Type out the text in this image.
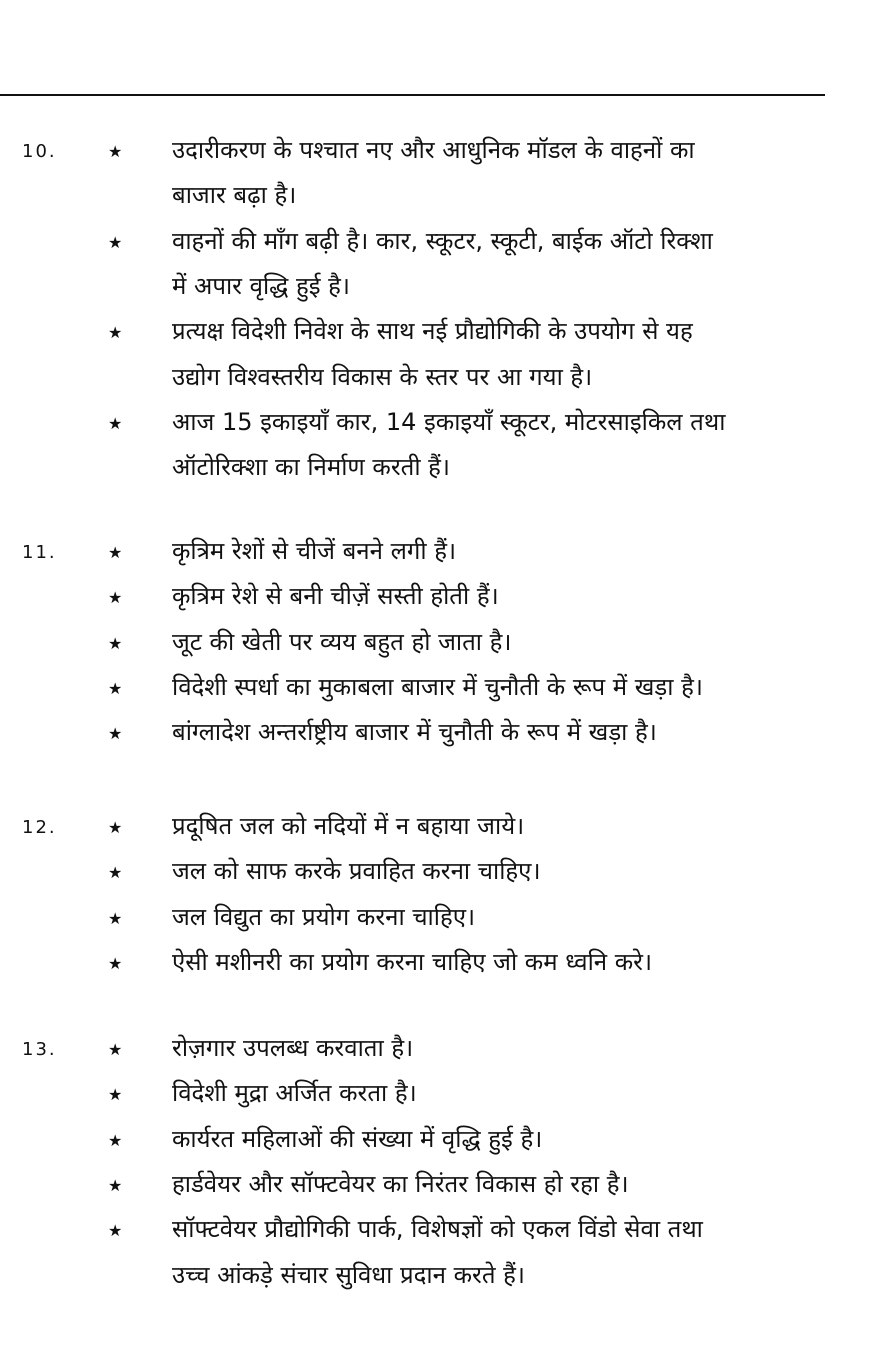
10.	★ उदारीकरण के पश्चात नए और आधुनिक मॉडल के वाहनों का
बाजार बढ़ा है।
★ वाहनों की माँग बढ़ी है। कार, स्कूटर, स्कूटी, बाईक ऑटो रिक्शा
में अपार वृद्धि हुई है।
★ प्रत्यक्ष विदेशी निवेश के साथ नई प्रौद्योगिकी के उपयोग से यह
उद्योग विश्वस्तरीय विकास के स्तर पर आ गया है।
★ आज 15 इकाइयाँ कार, 14 इकाइयाँ स्कूटर, मोटरसाइकिल तथा
ऑटोरिक्शा का निर्माण करती हैं।
11.	★ कृत्रिम रेशों से चीजें बनने लगी हैं।
★ कृत्रिम रेशे से बनी चीज़ें सस्ती होती हैं।
★ जूट की खेती पर व्यय बहुत हो जाता है।
★ विदेशी स्पर्धा का मुकाबला बाजार में चुनौती के रूप में खड़ा है।
★ बांग्लादेश अन्तर्राष्ट्रीय बाजार में चुनौती के रूप में खड़ा है।
12.	★ प्रदूषित जल को नदियों में न बहाया जाये।
★ जल को साफ करके प्रवाहित करना चाहिए।
★ जल विद्युत का प्रयोग करना चाहिए।
★ ऐसी मशीनरी का प्रयोग करना चाहिए जो कम ध्वनि करे।
13.	★ रोज़गार उपलब्ध करवाता है।
★ विदेशी मुद्रा अर्जित करता है।
★ कार्यरत महिलाओं की संख्या में वृद्धि हुई है।
★ हार्डवेयर और सॉफ्टवेयर का निरंतर विकास हो रहा है।
★ सॉफ्टवेयर प्रौद्योगिकी पार्क, विशेषज्ञों को एकल विंडो सेवा तथा
उच्च आंकड़े संचार सुविधा प्रदान करते हैं।
